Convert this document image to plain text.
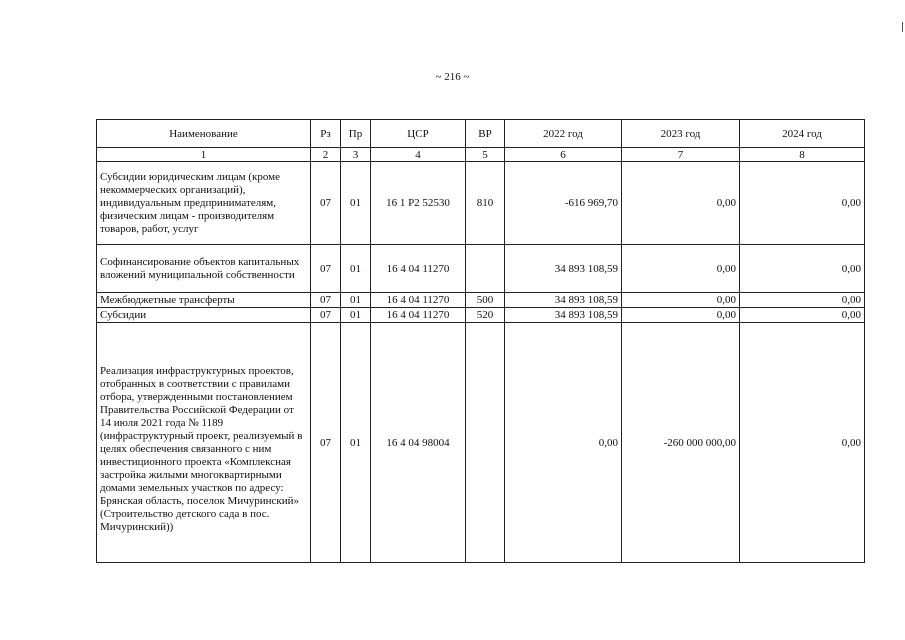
~ 216 ~
Наименование	Рз	Пр	ЦСР	ВР	2022 год	2023 год	2024 год
1	2	3	4	5	6	7	8
Субсидии юридическим лицам (кроме некоммерческих организаций), индивидуальным предпринимателям, физическим лицам - производителям товаров, работ, услуг	07	01	16 1 P2 52530	810	-616 969,70	0,00	0,00
Софинансирование объектов капитальных вложений муниципальной собственности	07	01	16 4 04 11270		34 893 108,59	0,00	0,00
Межбюджетные трансферты	07	01	16 4 04 11270	500	34 893 108,59	0,00	0,00
Субсидии	07	01	16 4 04 11270	520	34 893 108,59	0,00	0,00
Реализация инфраструктурных проектов, отобранных в соответствии с правилами отбора, утвержденными постановлением Правительства Российской Федерации от 14 июля 2021 года № 1189 (инфраструктурный проект, реализуемый в целях обеспечения связанного с ним инвестиционного проекта «Комплексная застройка жилыми многоквартирными домами земельных участков по адресу: Брянская область, поселок Мичуринский» (Строительство детского сада в пос. Мичуринский))	07	01	16 4 04 98004		0,00	-260 000 000,00	0,00
